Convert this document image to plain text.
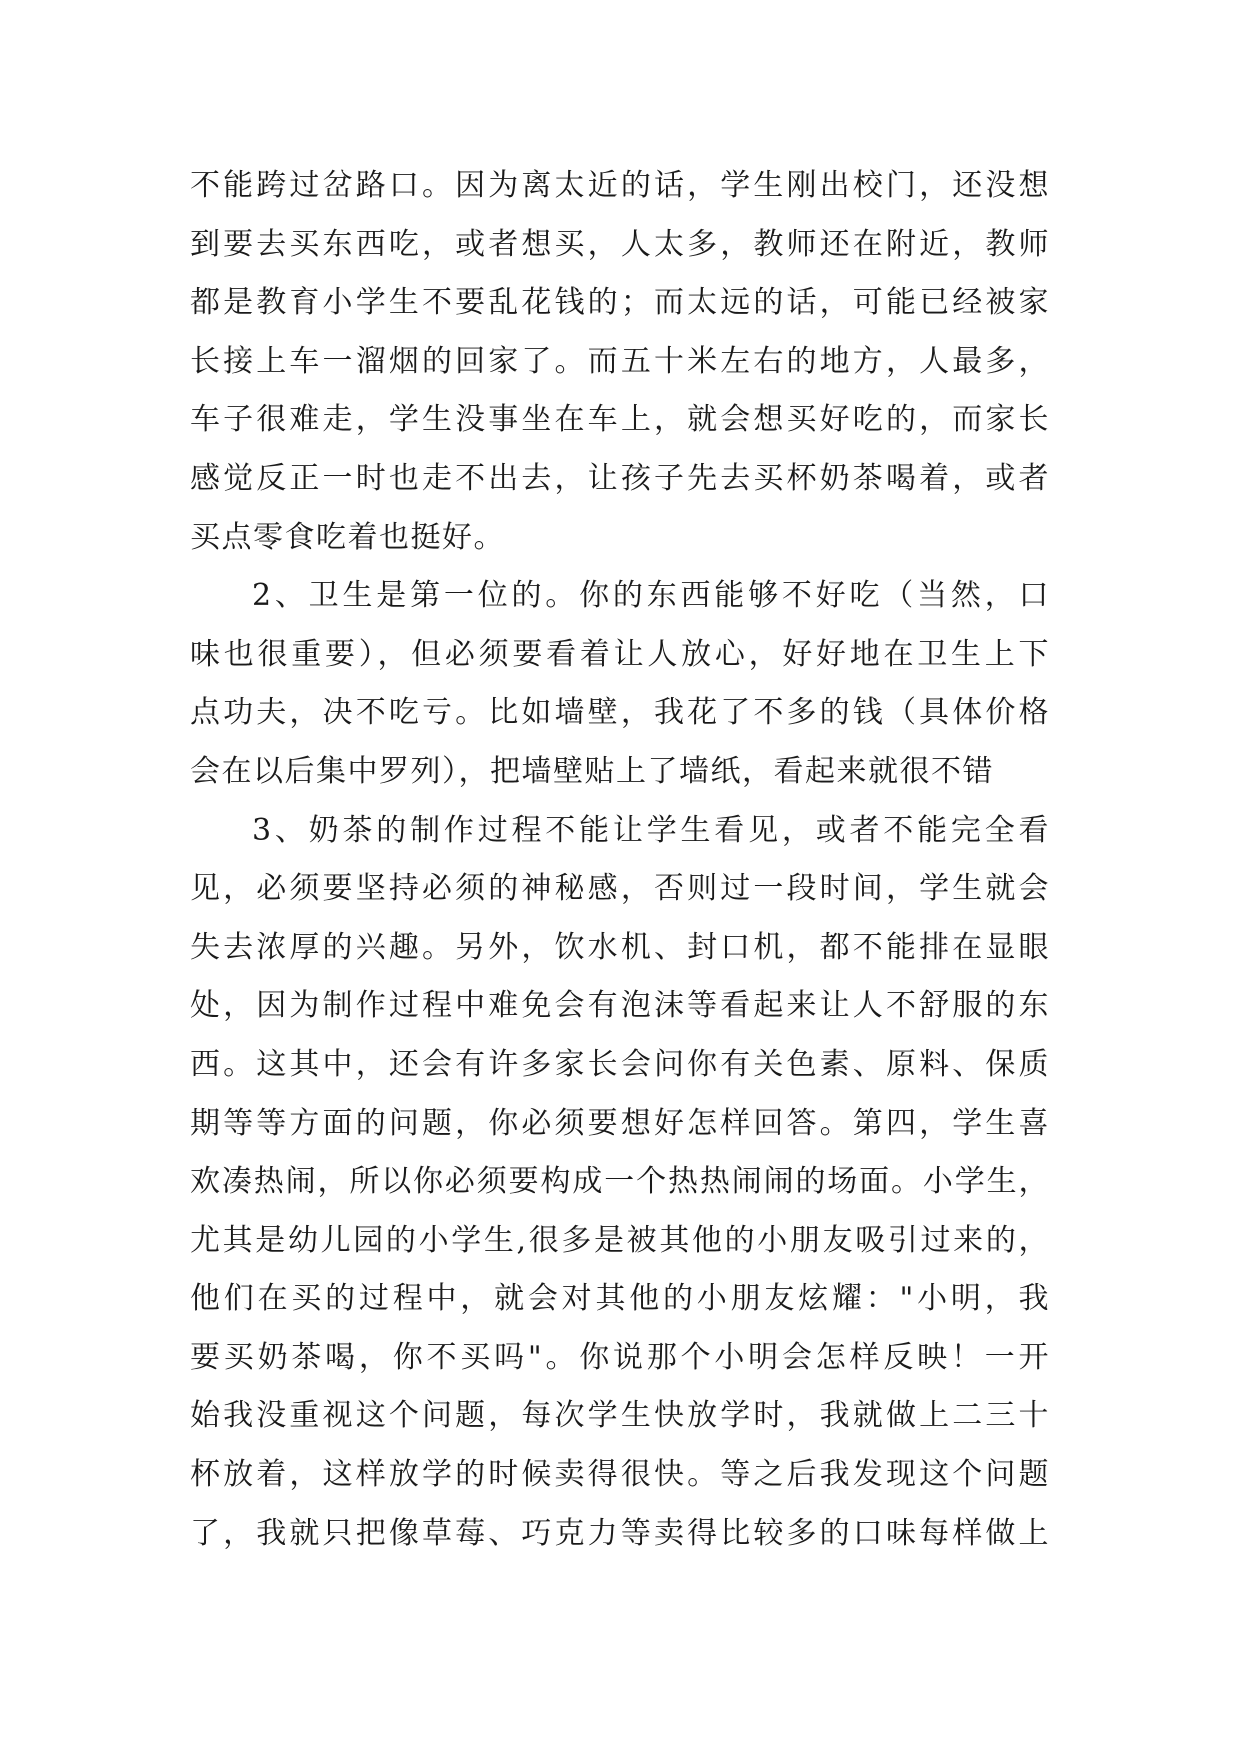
不能跨过岔路口。因为离太近的话，学生刚出校门，还没想
到要去买东西吃，或者想买，人太多，教师还在附近，教师
都是教育小学生不要乱花钱的；而太远的话，可能已经被家
长接上车一溜烟的回家了。而五十米左右的地方，人最多，
车子很难走，学生没事坐在车上，就会想买好吃的，而家长
感觉反正一时也走不出去，让孩子先去买杯奶茶喝着，或者
买点零食吃着也挺好。
2、卫生是第一位的。你的东西能够不好吃（当然，口
味也很重要），但必须要看着让人放心，好好地在卫生上下
点功夫，决不吃亏。比如墙壁，我花了不多的钱（具体价格
会在以后集中罗列），把墙壁贴上了墙纸，看起来就很不错
3、奶茶的制作过程不能让学生看见，或者不能完全看
见，必须要坚持必须的神秘感，否则过一段时间，学生就会
失去浓厚的兴趣。另外，饮水机、封口机，都不能排在显眼
处，因为制作过程中难免会有泡沫等看起来让人不舒服的东
西。这其中，还会有许多家长会问你有关色素、原料、保质
期等等方面的问题，你必须要想好怎样回答。第四，学生喜
欢凑热闹，所以你必须要构成一个热热闹闹的场面。小学生，
尤其是幼儿园的小学生,很多是被其他的小朋友吸引过来的，
他们在买的过程中，就会对其他的小朋友炫耀："小明，我
要买奶茶喝，你不买吗"。你说那个小明会怎样反映！一开
始我没重视这个问题，每次学生快放学时，我就做上二三十
杯放着，这样放学的时候卖得很快。等之后我发现这个问题
了，我就只把像草莓、巧克力等卖得比较多的口味每样做上
